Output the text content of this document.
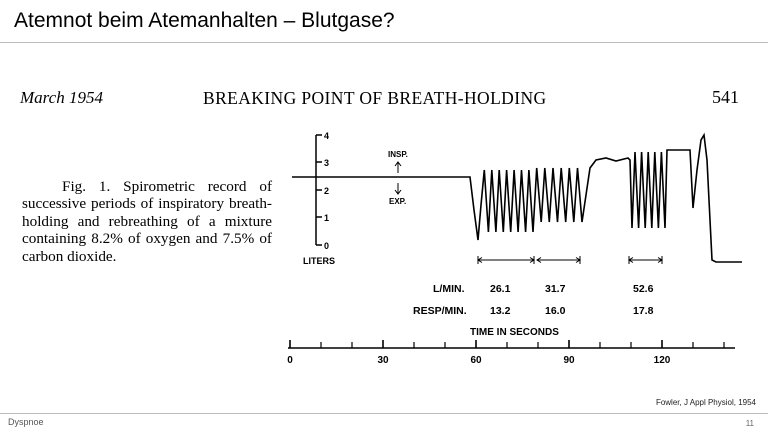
Atemnot beim Atemanhalten – Blutgase?
March 1954	BREAKING POINT OF BREATH-HOLDING	541
Fig. 1. Spirometric record of successive periods of inspiratory breath-holding and rebreathing of a mixture containing 8.2% of oxygen and 7.5% of carbon dioxide.
4
3
2
1
0
LITERS
INSP.
EXP.
L/MIN. 26.1	31.7	52.6
RESP/MIN. 13.2	16.0	17.8
TIME IN SECONDS
0	30	60	90	120
Fowler, J Appl Physiol, 1954
Dyspnoe	11
